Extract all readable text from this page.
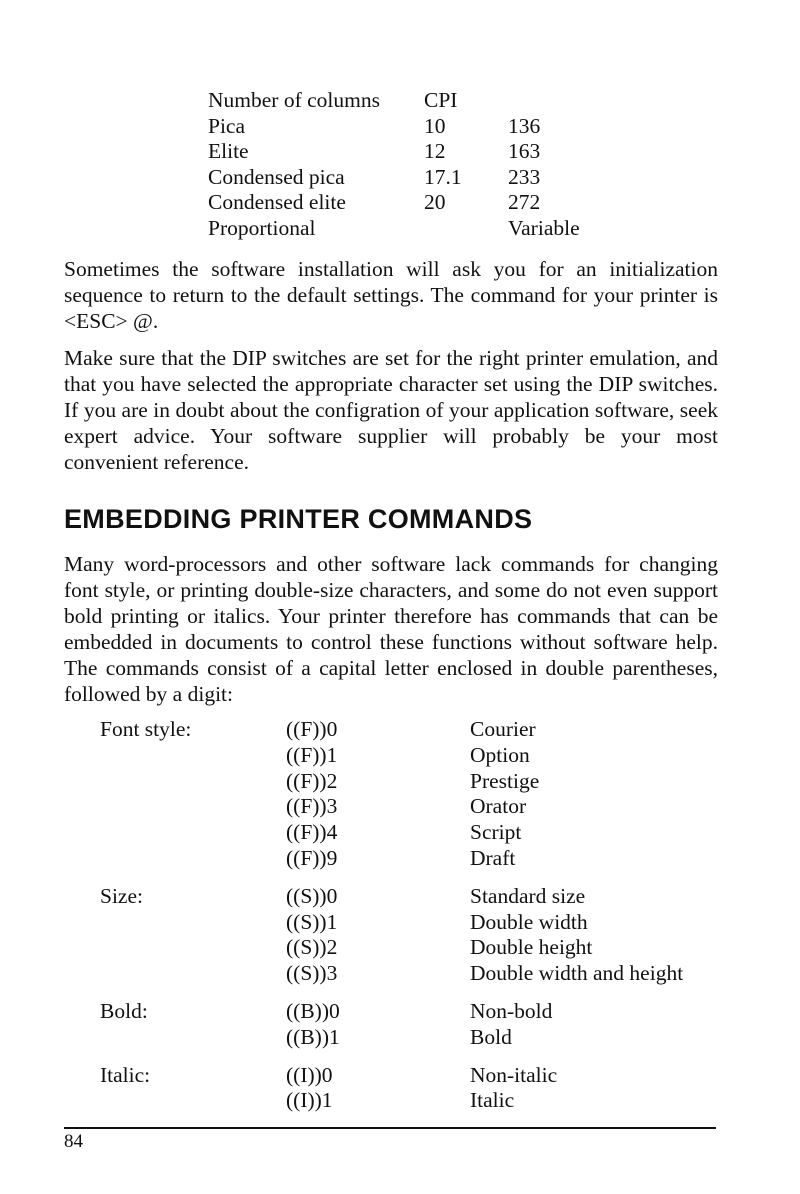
Number of columns	CPI	
Pica	10	136
Elite	12	163
Condensed pica	17.1	233
Condensed elite	20	272
Proportional		Variable

Sometimes the software installation will ask you for an initialization sequence to return to the default settings. The command for your printer is <ESC> @.

Make sure that the DIP switches are set for the right printer emulation, and that you have selected the appropriate character set using the DIP switches. If you are in doubt about the configration of your application software, seek expert advice. Your software supplier will probably be your most convenient reference.

EMBEDDING PRINTER COMMANDS

Many word-processors and other software lack commands for changing font style, or printing double-size characters, and some do not even support bold printing or italics. Your printer therefore has commands that can be embedded in documents to control these functions without software help. The commands consist of a capital letter enclosed in double parentheses, followed by a digit:

Font style:	((F))0	Courier
	((F))1	Option
	((F))2	Prestige
	((F))3	Orator
	((F))4	Script
	((F))9	Draft
Size:	((S))0	Standard size
	((S))1	Double width
	((S))2	Double height
	((S))3	Double width and height
Bold:	((B))0	Non-bold
	((B))1	Bold
Italic:	((I))0	Non-italic
	((I))1	Italic
84
